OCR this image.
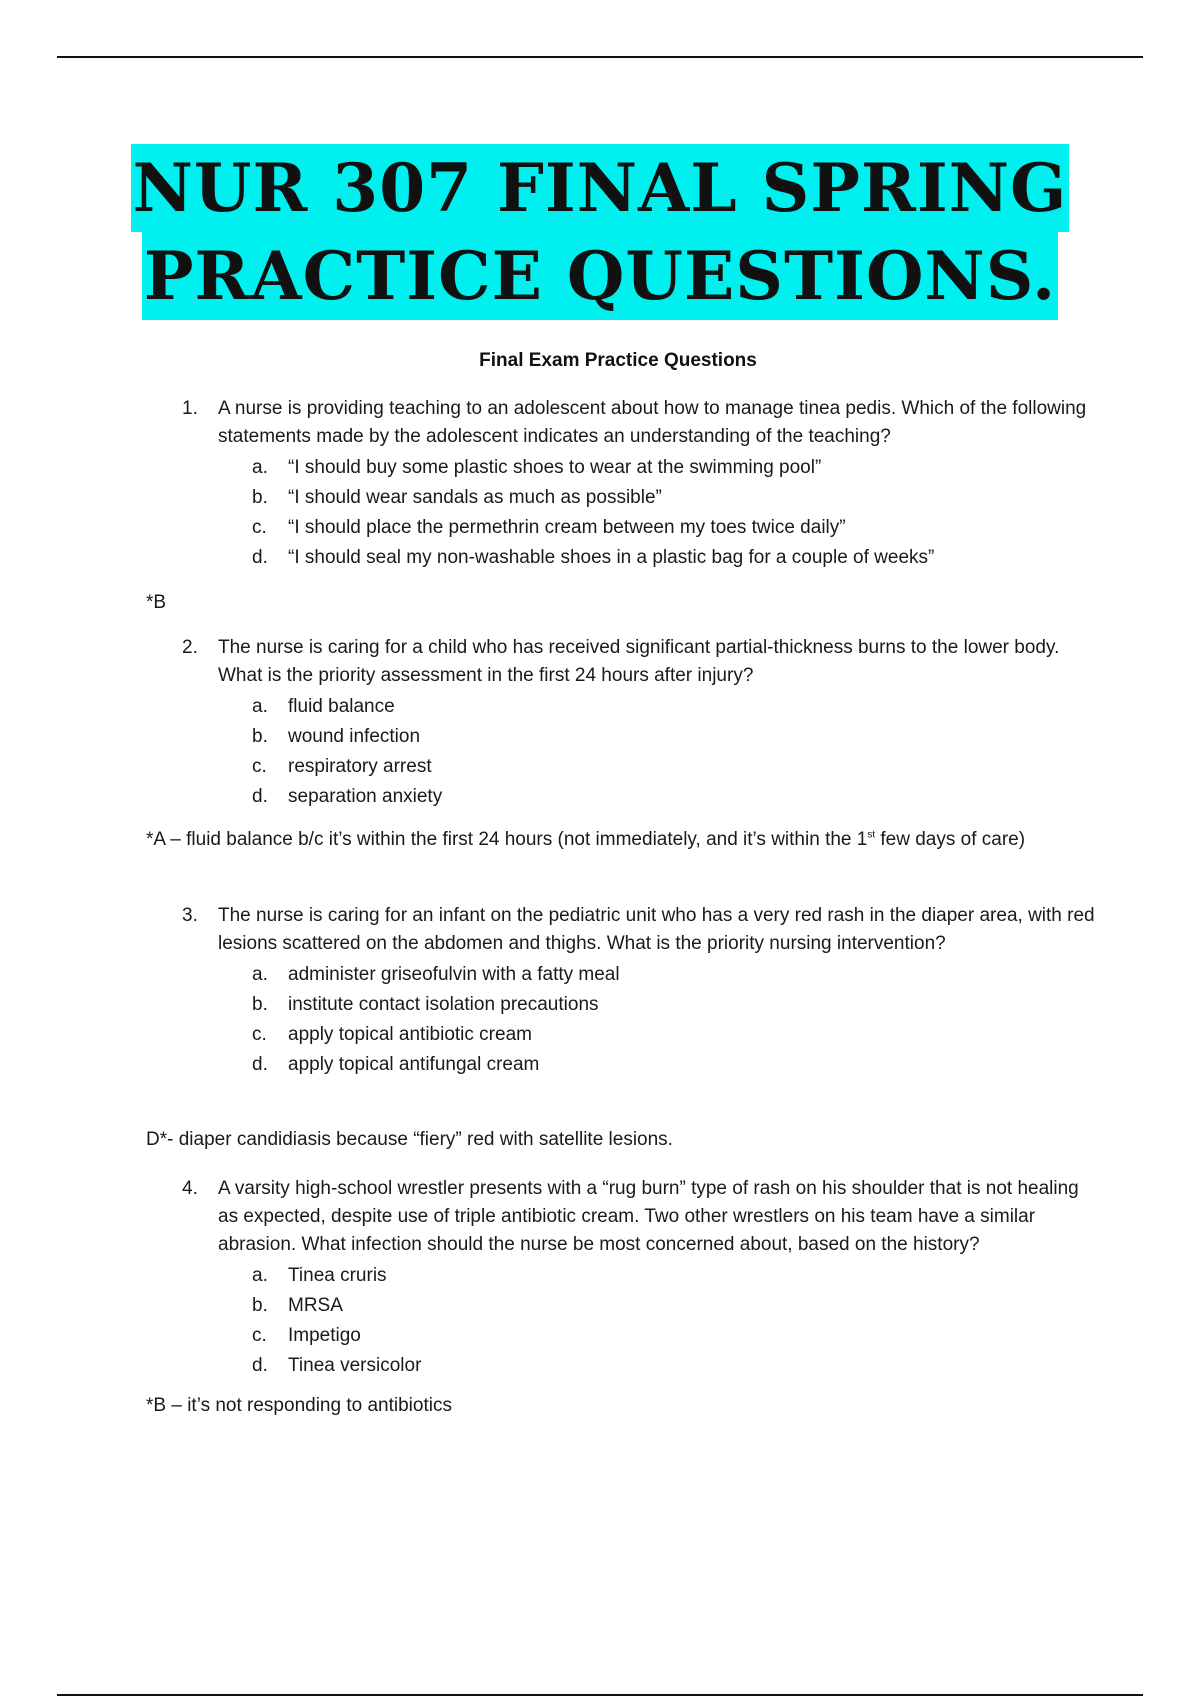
NUR 307 FINAL SPRING
PRACTICE QUESTIONS.
Final Exam Practice Questions
1. A nurse is providing teaching to an adolescent about how to manage tinea pedis. Which of the following statements made by the adolescent indicates an understanding of the teaching?
a. “I should buy some plastic shoes to wear at the swimming pool”
b. “I should wear sandals as much as possible”
c. “I should place the permethrin cream between my toes twice daily”
d. “I should seal my non-washable shoes in a plastic bag for a couple of weeks”
*B
2. The nurse is caring for a child who has received significant partial-thickness burns to the lower body. What is the priority assessment in the first 24 hours after injury?
a. fluid balance
b. wound infection
c. respiratory arrest
d. separation anxiety
*A – fluid balance b/c it’s within the first 24 hours (not immediately, and it’s within the 1st few days of care)
3. The nurse is caring for an infant on the pediatric unit who has a very red rash in the diaper area, with red lesions scattered on the abdomen and thighs. What is the priority nursing intervention?
a. administer griseofulvin with a fatty meal
b. institute contact isolation precautions
c. apply topical antibiotic cream
d. apply topical antifungal cream
D*- diaper candidiasis because “fiery” red with satellite lesions.
4. A varsity high-school wrestler presents with a “rug burn” type of rash on his shoulder that is not healing as expected, despite use of triple antibiotic cream. Two other wrestlers on his team have a similar abrasion. What infection should the nurse be most concerned about, based on the history?
a. Tinea cruris
b. MRSA
c. Impetigo
d. Tinea versicolor
*B – it’s not responding to antibiotics
